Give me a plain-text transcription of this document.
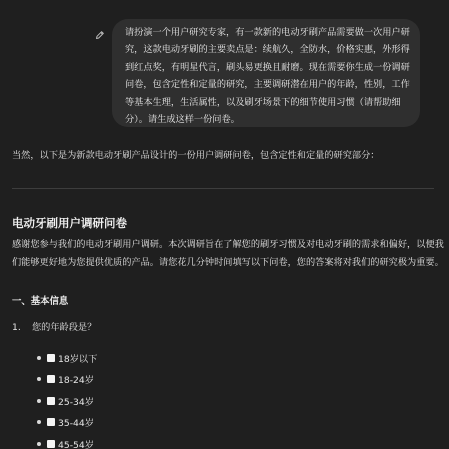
请扮演一个用户研究专家，有一款新的电动牙刷产品需要做一次用户研究，这款电动牙刷的主要卖点是：续航久，全防水，价格实惠，外形得到红点奖，有明星代言，刷头易更换且耐磨。现在需要你生成一份调研问卷，包含定性和定量的研究，主要调研潜在用户的年龄，性别，工作等基本生理，生活属性，以及刷牙场景下的细节使用习惯（请帮助细分）。请生成这样一份问卷。
当然，以下是为新款电动牙刷产品设计的一份用户调研问卷，包含定性和定量的研究部分：
电动牙刷用户调研问卷
感谢您参与我们的电动牙刷用户调研。本次调研旨在了解您的刷牙习惯及对电动牙刷的需求和偏好，以便我们能够更好地为您提供优质的产品。请您花几分钟时间填写以下问卷，您的答案将对我们的研究极为重要。
一、基本信息
1. 您的年龄段是？
18岁以下
18-24岁
25-34岁
35-44岁
45-54岁
